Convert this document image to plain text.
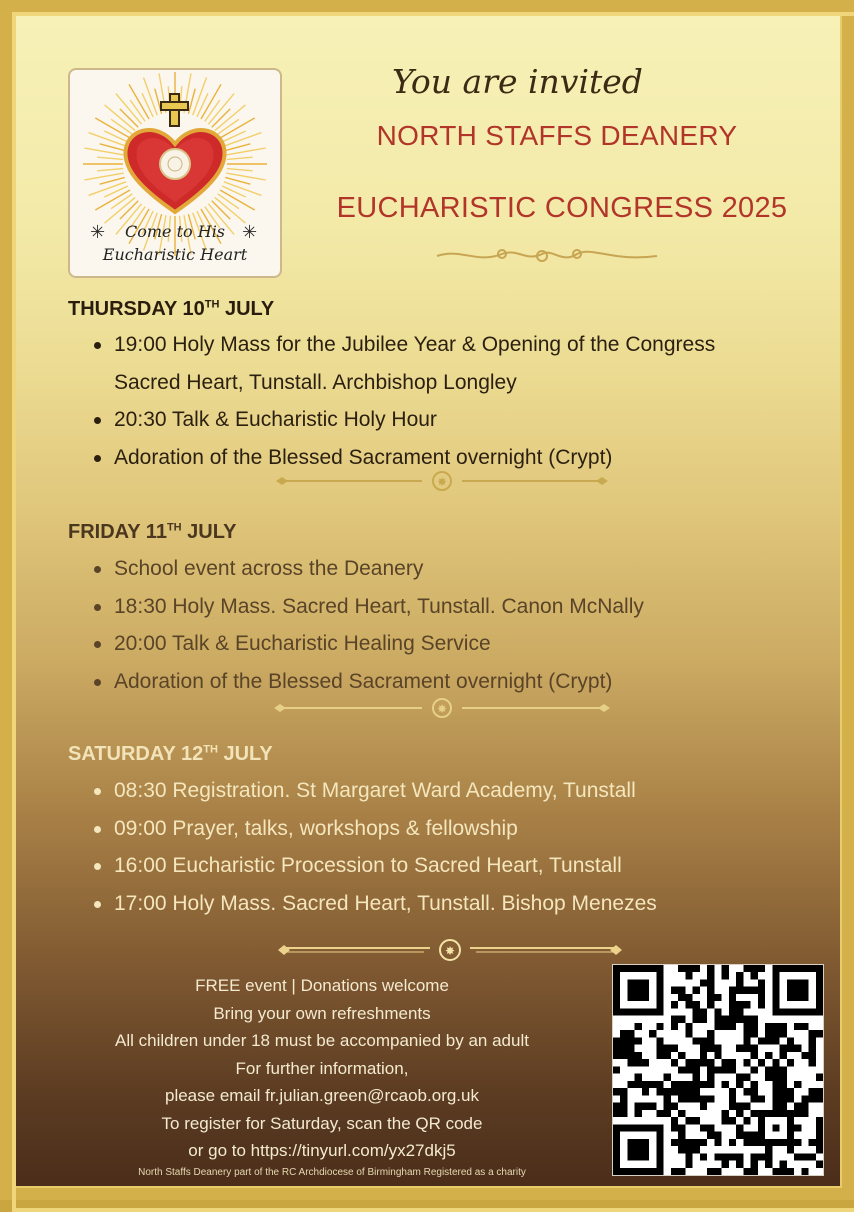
✳	✳
Come to His
Eucharistic Heart
You are invited
NORTH STAFFS DEANERY
EUCHARISTIC CONGRESS 2025
THURSDAY 10TH JULY
19:00 Holy Mass for the Jubilee Year & Opening of the Congress
Sacred Heart, Tunstall. Archbishop Longley
20:30 Talk & Eucharistic Holy Hour
Adoration of the Blessed Sacrament overnight (Crypt)
✸
FRIDAY 11TH JULY
School event across the Deanery
18:30 Holy Mass. Sacred Heart, Tunstall. Canon McNally
20:00 Talk & Eucharistic Healing Service
Adoration of the Blessed Sacrament overnight (Crypt)
✸
SATURDAY 12TH JULY
08:30 Registration. St Margaret Ward Academy, Tunstall
09:00 Prayer, talks, workshops & fellowship
16:00 Eucharistic Procession to Sacred Heart, Tunstall
17:00 Holy Mass. Sacred Heart, Tunstall. Bishop Menezes
✸
FREE event | Donations welcome
Bring your own refreshments
All children under 18 must be accompanied by an adult
For further information,
please email fr.julian.green@rcaob.org.uk
To register for Saturday, scan the QR code
or go to https://tinyurl.com/yx27dkj5
North Staffs Deanery part of the RC Archdiocese of Birmingham Registered as a charity
